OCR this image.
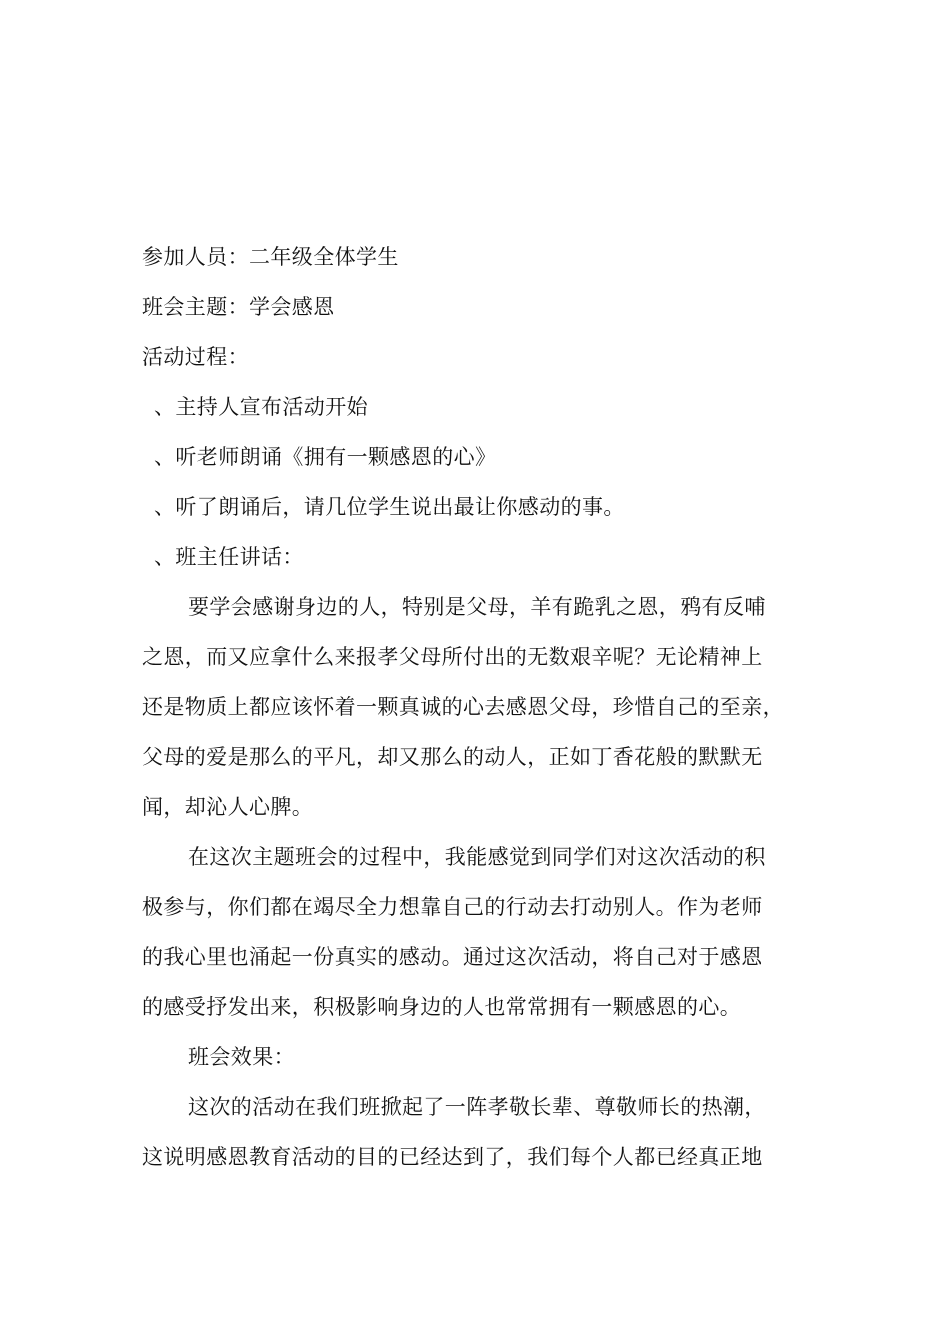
参加人员：二年级全体学生
班会主题：学会感恩
活动过程：
、主持人宣布活动开始
、听老师朗诵《拥有一颗感恩的心》
、听了朗诵后，请几位学生说出最让你感动的事。
、班主任讲话：
要学会感谢身边的人，特别是父母，羊有跪乳之恩，鸦有反哺
之恩，而又应拿什么来报孝父母所付出的无数艰辛呢？无论精神上
还是物质上都应该怀着一颗真诚的心去感恩父母，珍惜自己的至亲，
父母的爱是那么的平凡，却又那么的动人，正如丁香花般的默默无
闻，却沁人心脾。
在这次主题班会的过程中，我能感觉到同学们对这次活动的积
极参与，你们都在竭尽全力想靠自己的行动去打动别人。作为老师
的我心里也涌起一份真实的感动。通过这次活动，将自己对于感恩
的感受抒发出来，积极影响身边的人也常常拥有一颗感恩的心。
班会效果：
这次的活动在我们班掀起了一阵孝敬长辈、尊敬师长的热潮，
这说明感恩教育活动的目的已经达到了，我们每个人都已经真正地
